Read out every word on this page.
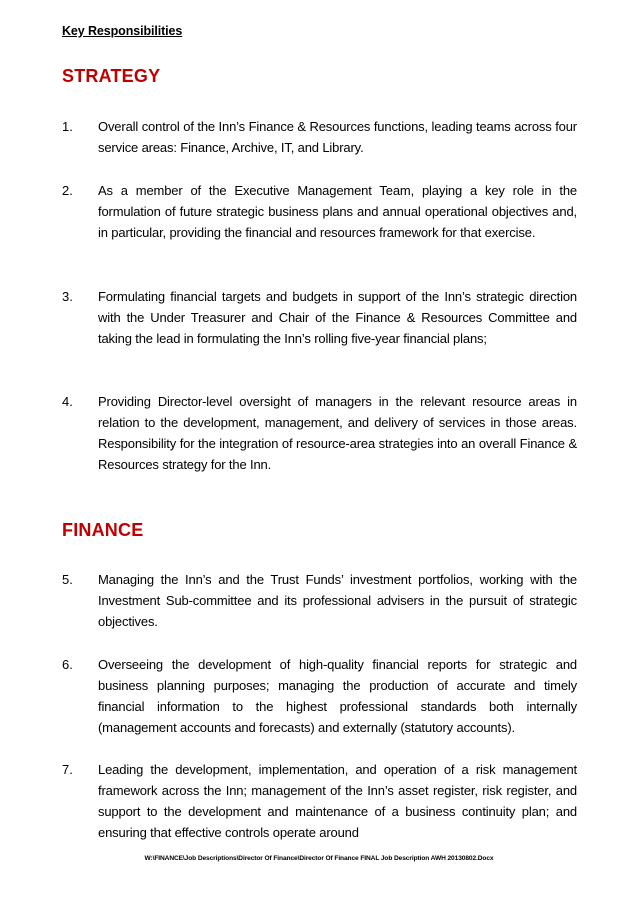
Key Responsibilities
STRATEGY
1. Overall control of the Inn’s Finance & Resources functions, leading teams across four service areas: Finance, Archive, IT, and Library.

2. As a member of the Executive Management Team, playing a key role in the formulation of future strategic business plans and annual operational objectives and, in particular, providing the financial and resources framework for that exercise.

3. Formulating financial targets and budgets in support of the Inn’s strategic direction with the Under Treasurer and Chair of the Finance & Resources Committee and taking the lead in formulating the Inn’s rolling five-year financial plans;

4. Providing Director-level oversight of managers in the relevant resource areas in relation to the development, management, and delivery of services in those areas. Responsibility for the integration of resource-area strategies into an overall Finance & Resources strategy for the Inn.

FINANCE
5. Managing the Inn’s and the Trust Funds’ investment portfolios, working with the Investment Sub-committee and its professional advisers in the pursuit of strategic objectives.

6. Overseeing the development of high-quality financial reports for strategic and business planning purposes; managing the production of accurate and timely financial information to the highest professional standards both internally (management accounts and forecasts) and externally (statutory accounts).

7. Leading the development, implementation, and operation of a risk management framework across the Inn; management of the Inn’s asset register, risk register, and support to the development and maintenance of a business continuity plan; and ensuring that effective controls operate around

W:\FINANCE\Job Descriptions\Director Of Finance\Director Of Finance FINAL Job Description AWH 20130802.Docx
